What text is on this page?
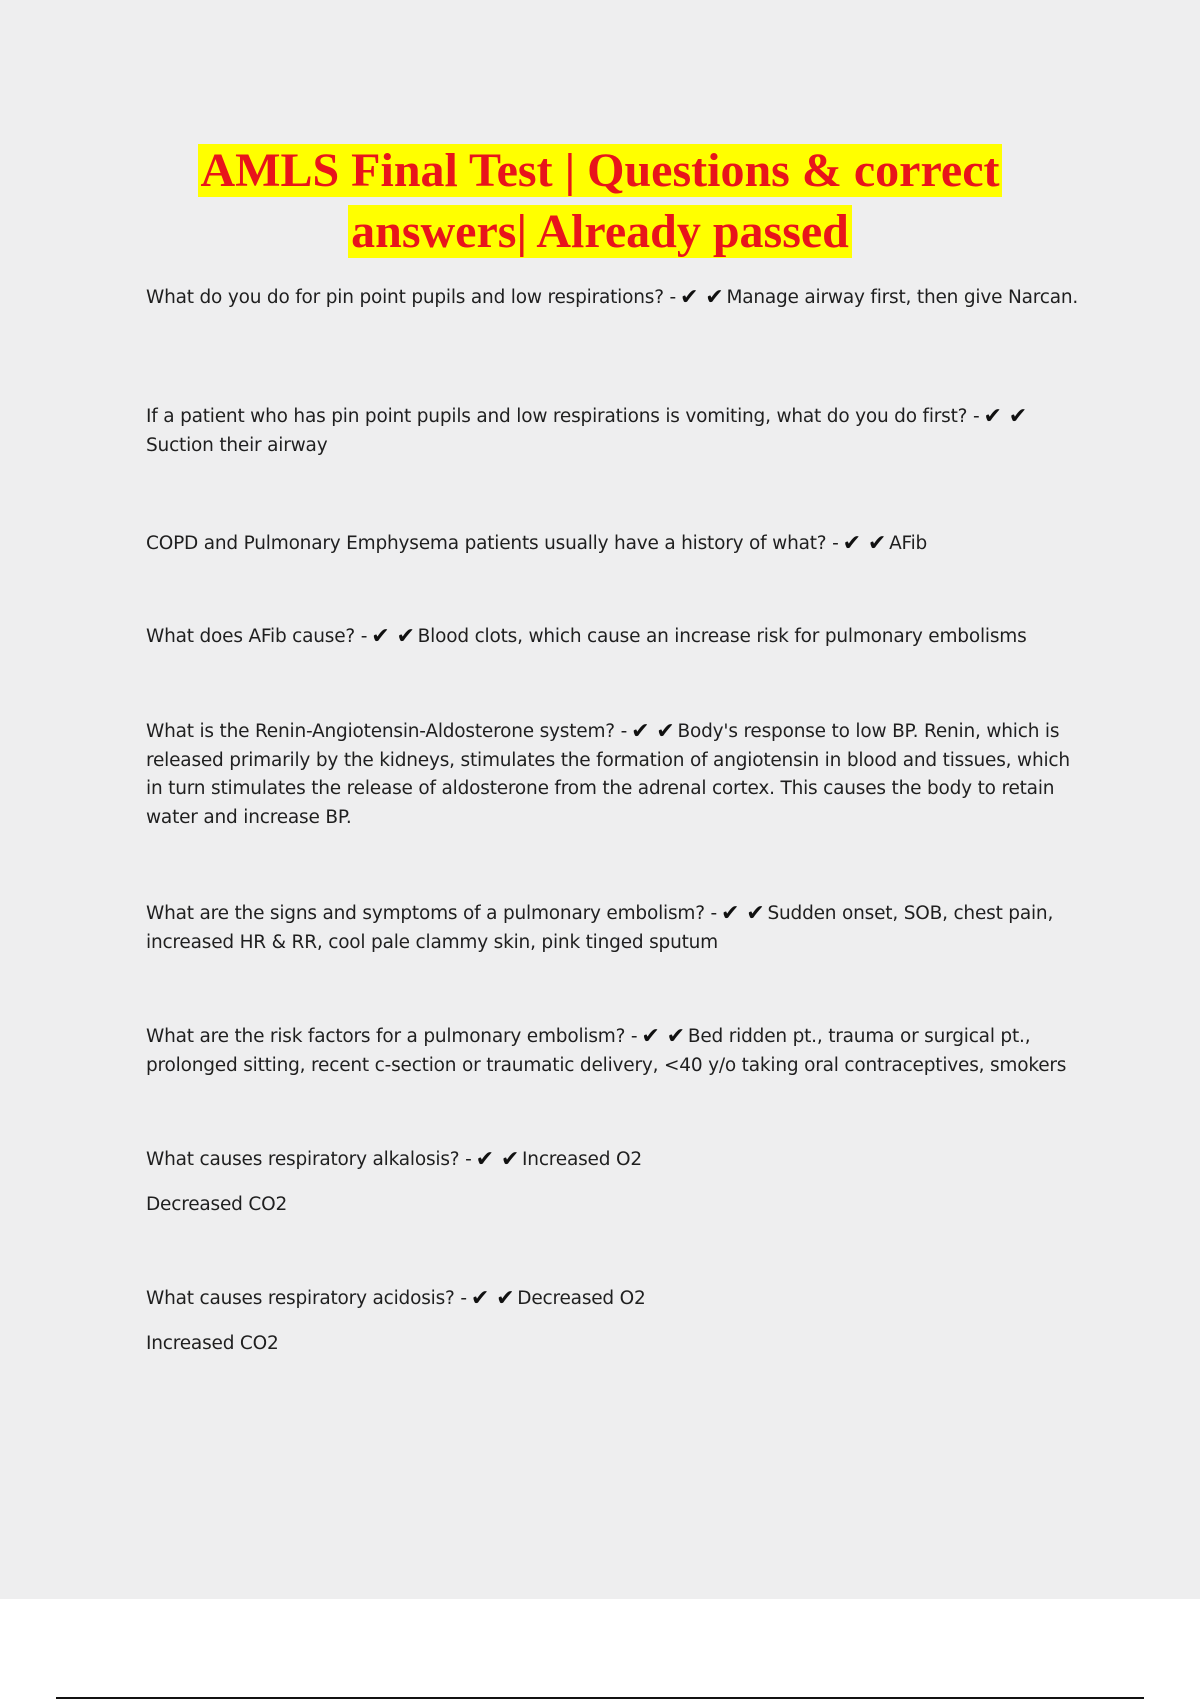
AMLS Final Test | Questions & correct
answers| Already passed

What do you do for pin point pupils and low respirations? - ✔ ✔ Manage airway first, then give Narcan.

If a patient who has pin point pupils and low respirations is vomiting, what do you do first? - ✔ ✔Suction their airway

COPD and Pulmonary Emphysema patients usually have a history of what? - ✔ ✔ AFib

What does AFib cause? - ✔ ✔ Blood clots, which cause an increase risk for pulmonary embolisms

What is the Renin-Angiotensin-Aldosterone system? - ✔ ✔ Body's response to low BP. Renin, which is released primarily by the kidneys, stimulates the formation of angiotensin in blood and tissues, which in turn stimulates the release of aldosterone from the adrenal cortex. This causes the body to retain water and increase BP.

What are the signs and symptoms of a pulmonary embolism? - ✔ ✔ Sudden onset, SOB, chest pain, increased HR & RR, cool pale clammy skin, pink tinged sputum

What are the risk factors for a pulmonary embolism? - ✔ ✔ Bed ridden pt., trauma or surgical pt., prolonged sitting, recent c-section or traumatic delivery, <40 y/o taking oral contraceptives, smokers

What causes respiratory alkalosis? - ✔ ✔ Increased O2

Decreased CO2

What causes respiratory acidosis? - ✔ ✔ Decreased O2

Increased CO2
